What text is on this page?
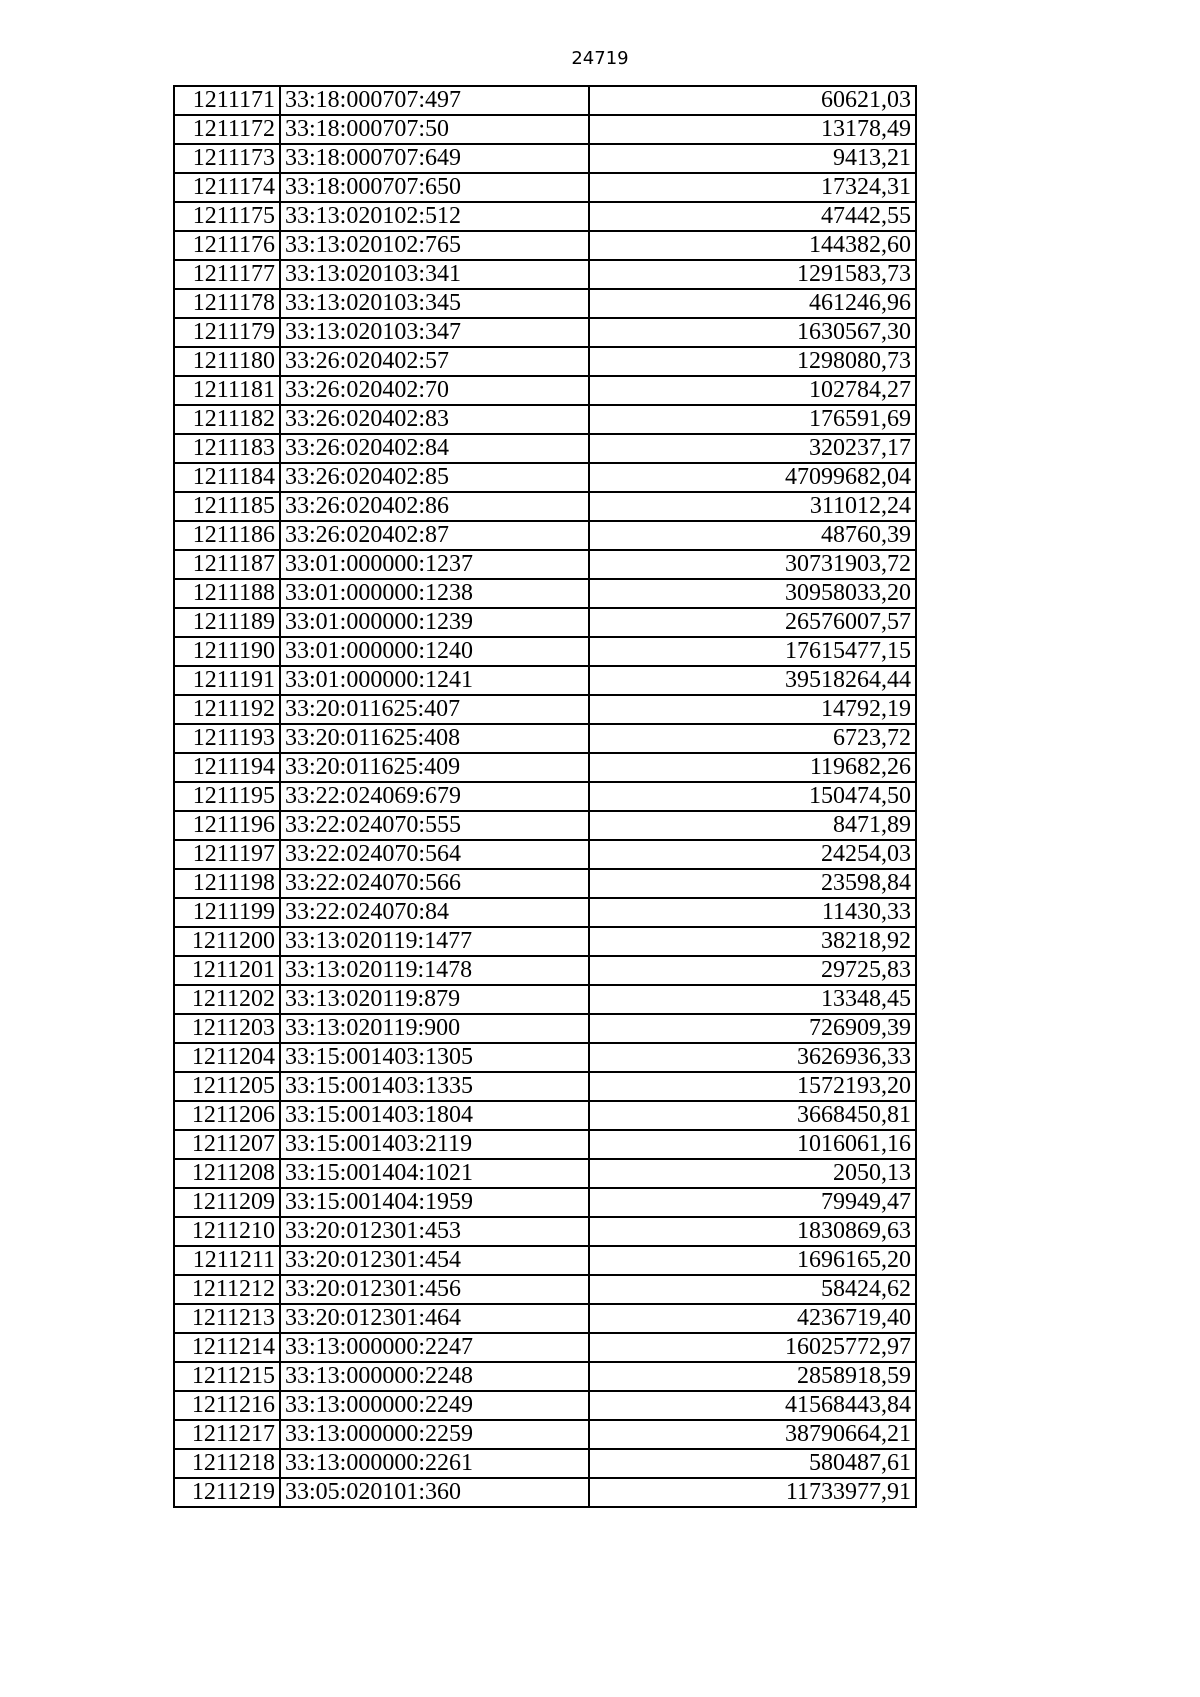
24719
1211171	33:18:000707:497	60621,03
1211172	33:18:000707:50	13178,49
1211173	33:18:000707:649	9413,21
1211174	33:18:000707:650	17324,31
1211175	33:13:020102:512	47442,55
1211176	33:13:020102:765	144382,60
1211177	33:13:020103:341	1291583,73
1211178	33:13:020103:345	461246,96
1211179	33:13:020103:347	1630567,30
1211180	33:26:020402:57	1298080,73
1211181	33:26:020402:70	102784,27
1211182	33:26:020402:83	176591,69
1211183	33:26:020402:84	320237,17
1211184	33:26:020402:85	47099682,04
1211185	33:26:020402:86	311012,24
1211186	33:26:020402:87	48760,39
1211187	33:01:000000:1237	30731903,72
1211188	33:01:000000:1238	30958033,20
1211189	33:01:000000:1239	26576007,57
1211190	33:01:000000:1240	17615477,15
1211191	33:01:000000:1241	39518264,44
1211192	33:20:011625:407	14792,19
1211193	33:20:011625:408	6723,72
1211194	33:20:011625:409	119682,26
1211195	33:22:024069:679	150474,50
1211196	33:22:024070:555	8471,89
1211197	33:22:024070:564	24254,03
1211198	33:22:024070:566	23598,84
1211199	33:22:024070:84	11430,33
1211200	33:13:020119:1477	38218,92
1211201	33:13:020119:1478	29725,83
1211202	33:13:020119:879	13348,45
1211203	33:13:020119:900	726909,39
1211204	33:15:001403:1305	3626936,33
1211205	33:15:001403:1335	1572193,20
1211206	33:15:001403:1804	3668450,81
1211207	33:15:001403:2119	1016061,16
1211208	33:15:001404:1021	2050,13
1211209	33:15:001404:1959	79949,47
1211210	33:20:012301:453	1830869,63
1211211	33:20:012301:454	1696165,20
1211212	33:20:012301:456	58424,62
1211213	33:20:012301:464	4236719,40
1211214	33:13:000000:2247	16025772,97
1211215	33:13:000000:2248	2858918,59
1211216	33:13:000000:2249	41568443,84
1211217	33:13:000000:2259	38790664,21
1211218	33:13:000000:2261	580487,61
1211219	33:05:020101:360	11733977,91
